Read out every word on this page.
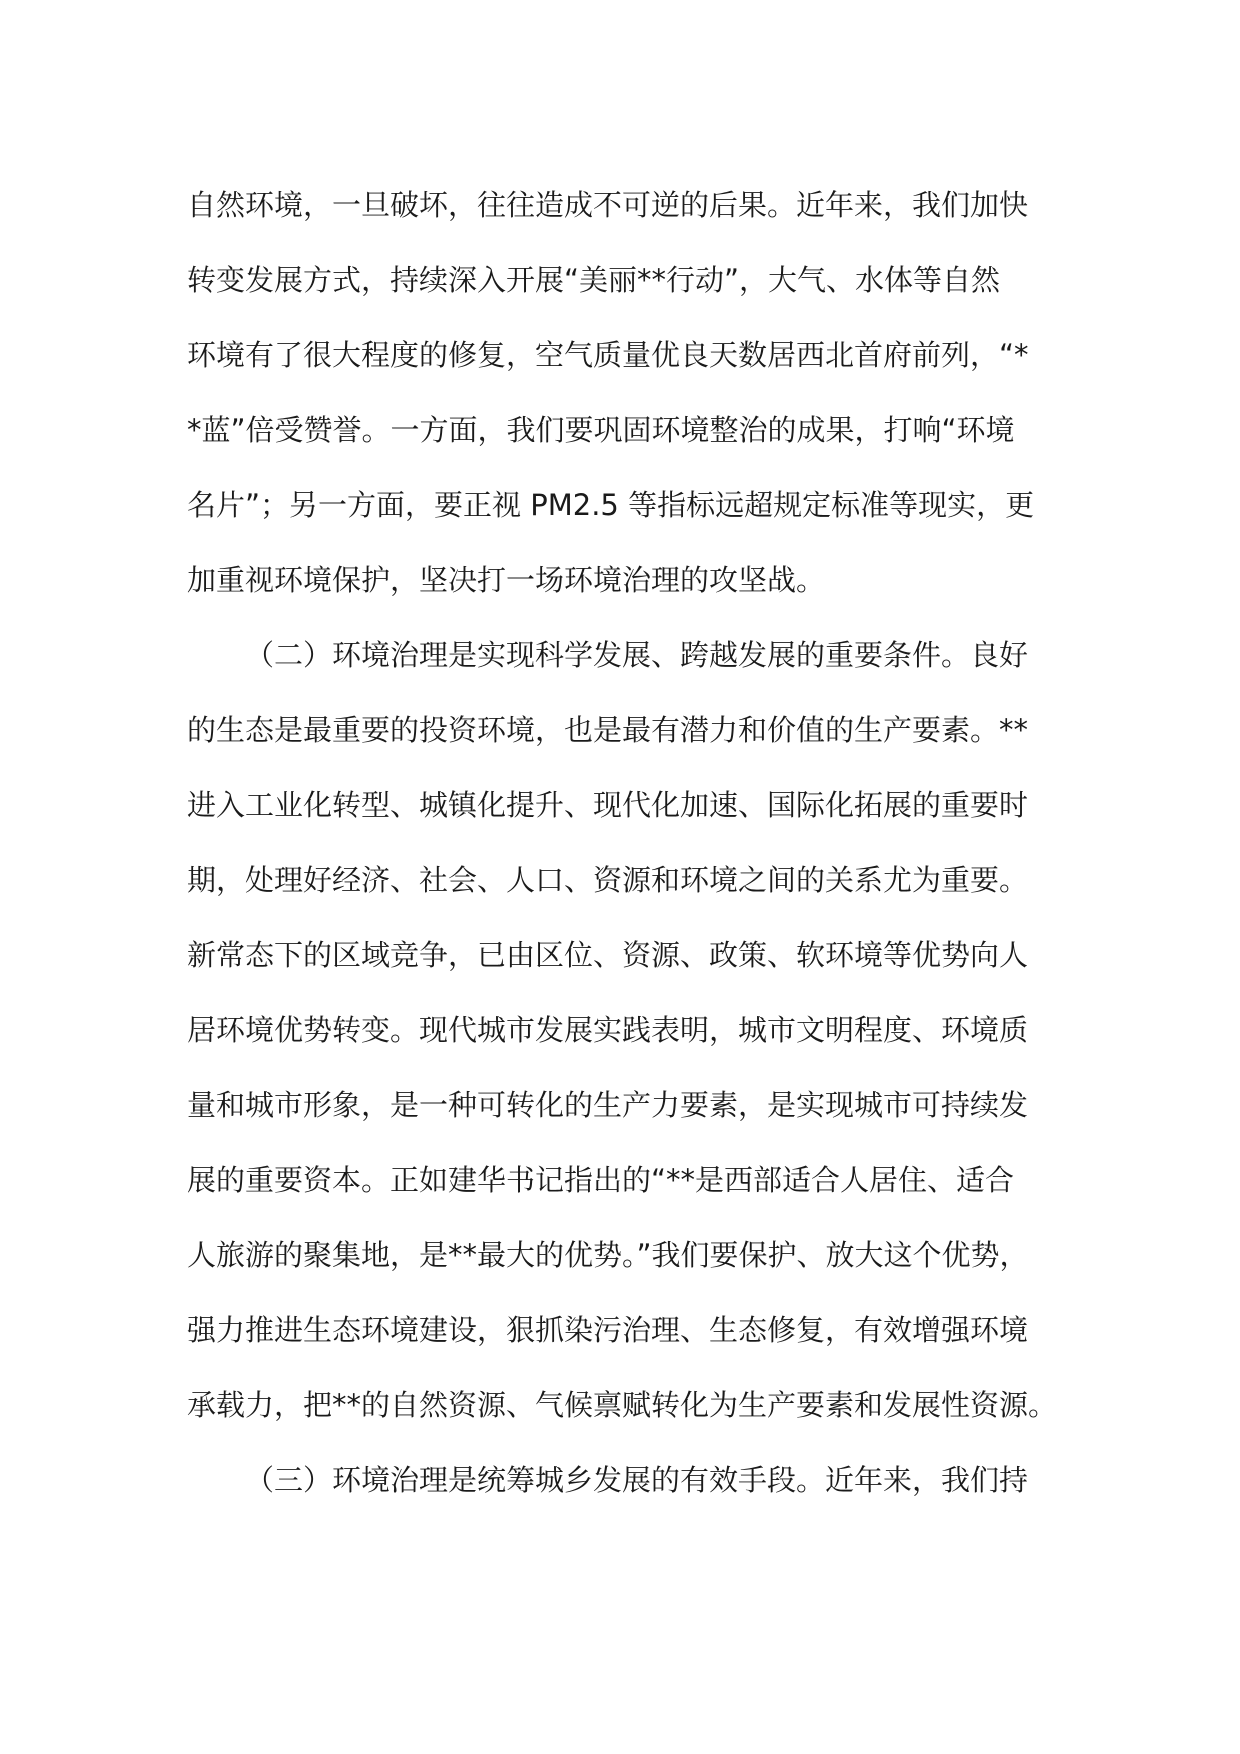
自然环境，一旦破坏，往往造成不可逆的后果。近年来，我们加快
转变发展方式，持续深入开展“美丽**行动”，大气、水体等自然
环境有了很大程度的修复，空气质量优良天数居西北首府前列，“*
*蓝”倍受赞誉。一方面，我们要巩固环境整治的成果，打响“环境
名片”；另一方面，要正视 PM2.5 等指标远超规定标准等现实，更
加重视环境保护，坚决打一场环境治理的攻坚战。
（二）环境治理是实现科学发展、跨越发展的重要条件。良好
的生态是最重要的投资环境，也是最有潜力和价值的生产要素。**
进入工业化转型、城镇化提升、现代化加速、国际化拓展的重要时
期，处理好经济、社会、人口、资源和环境之间的关系尤为重要。
新常态下的区域竞争，已由区位、资源、政策、软环境等优势向人
居环境优势转变。现代城市发展实践表明，城市文明程度、环境质
量和城市形象，是一种可转化的生产力要素，是实现城市可持续发
展的重要资本。正如建华书记指出的“**是西部适合人居住、适合
人旅游的聚集地，是**最大的优势。”我们要保护、放大这个优势，
强力推进生态环境建设，狠抓染污治理、生态修复，有效增强环境
承载力，把**的自然资源、气候禀赋转化为生产要素和发展性资源。
（三）环境治理是统筹城乡发展的有效手段。近年来，我们持
